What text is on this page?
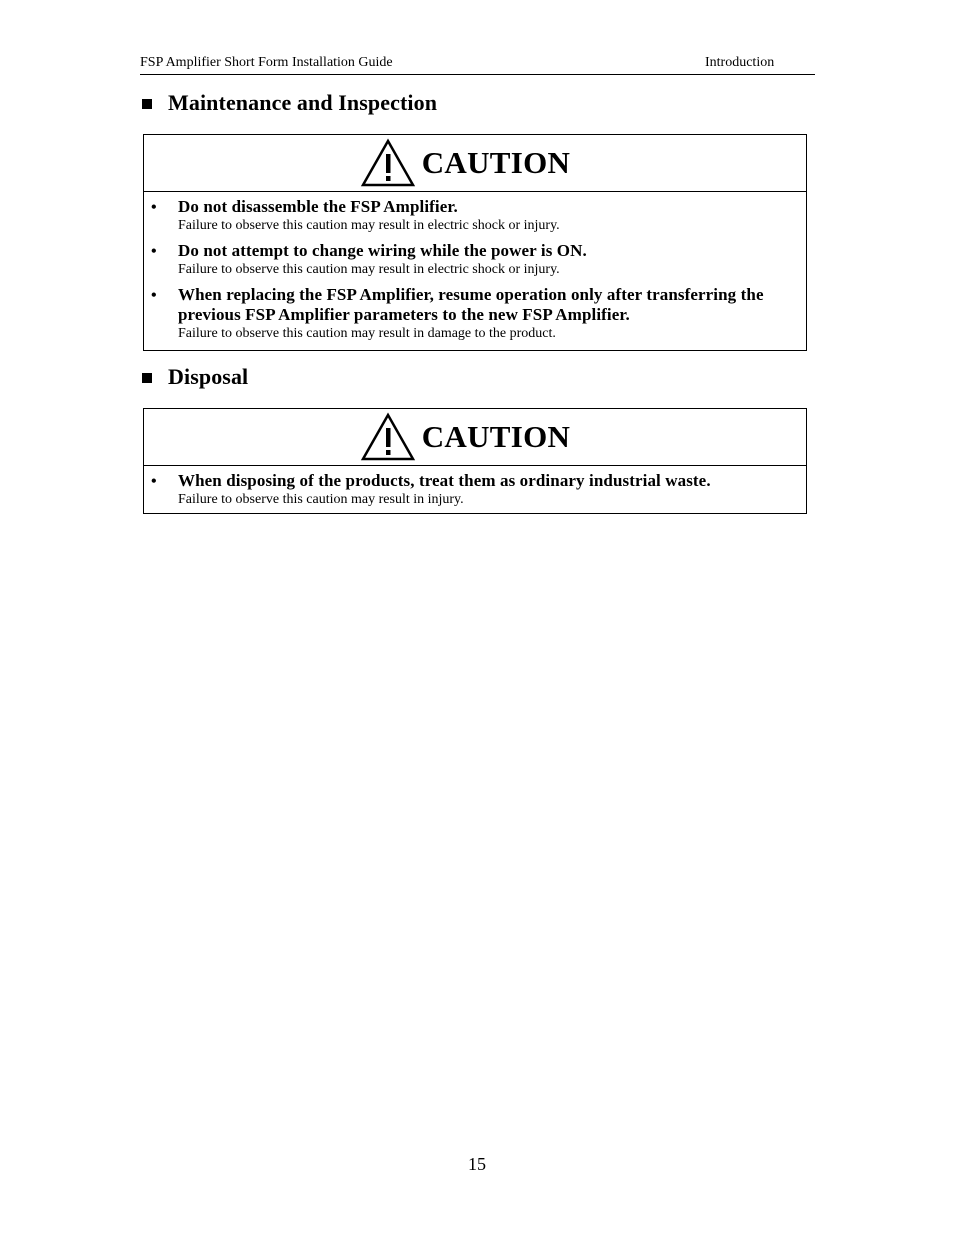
FSP Amplifier Short Form Installation Guide	Introduction
Maintenance and Inspection
CAUTION
• Do not disassemble the FSP Amplifier.
Failure to observe this caution may result in electric shock or injury.
• Do not attempt to change wiring while the power is ON.
Failure to observe this caution may result in electric shock or injury.
• When replacing the FSP Amplifier, resume operation only after transferring the previous FSP Amplifier parameters to the new FSP Amplifier.
Failure to observe this caution may result in damage to the product.
Disposal
CAUTION
• When disposing of the products, treat them as ordinary industrial waste.
Failure to observe this caution may result in injury.
15
